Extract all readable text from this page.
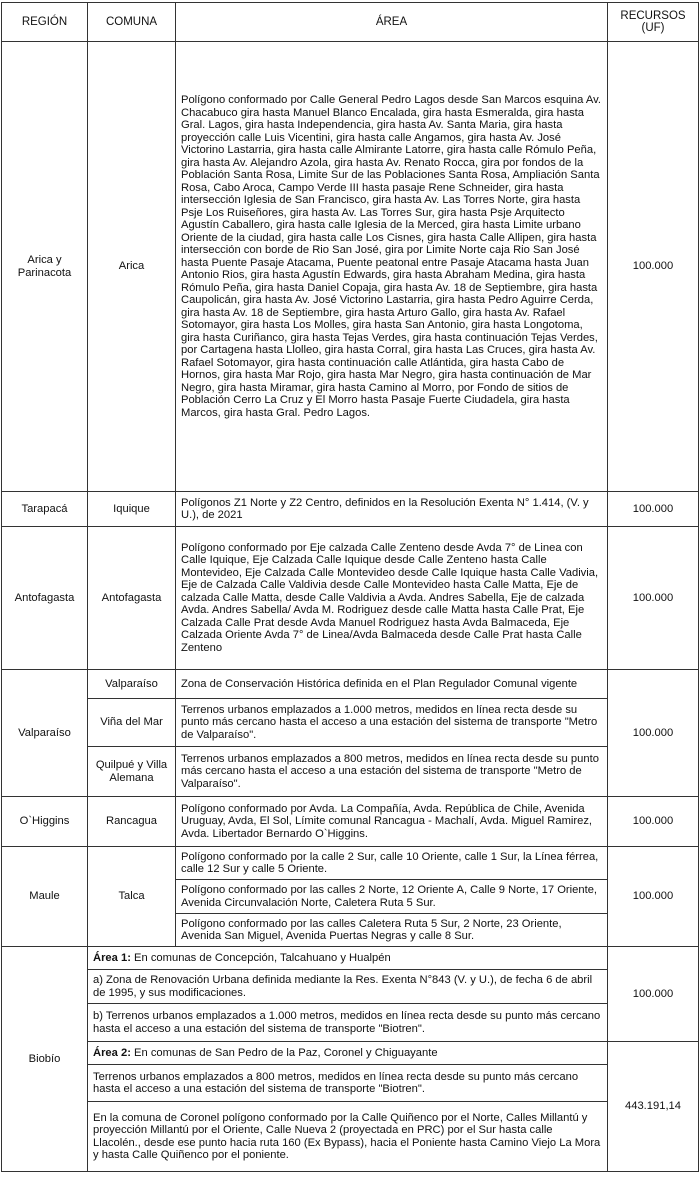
REGIÓN	COMUNA	ÁREA	RECURSOS (UF)
Arica y Parinacota	Arica	Polígono conformado por Calle General Pedro Lagos desde San Marcos esquina Av. Chacabuco gira hasta Manuel Blanco Encalada, gira hasta Esmeralda, gira hasta Gral. Lagos, gira hasta Independencia, gira hasta Av. Santa Maria, gira hasta proyección calle Luis Vicentini, gira hasta calle Angamos, gira hasta Av. José Victorino Lastarria, gira hasta calle Almirante Latorre, gira hasta calle Rómulo Peña, gira hasta Av. Alejandro Azola, gira hasta Av. Renato Rocca, gira por fondos de la Población Santa Rosa, Limite Sur de las Poblaciones Santa Rosa, Ampliación Santa Rosa, Cabo Aroca, Campo Verde III hasta pasaje Rene Schneider, gira hasta intersección Iglesia de San Francisco, gira hasta Av. Las Torres Norte, gira hasta Psje Los Ruiseñores, gira hasta Av. Las Torres Sur, gira hasta Psje Arquitecto Agustín Caballero, gira hasta calle Iglesia de la Merced, gira hasta Limite urbano Oriente de la ciudad, gira hasta calle Los Cisnes, gira hasta Calle Allipen, gira hasta intersección con borde de Rio San José, gira por Limite Norte caja Rio San José hasta Puente Pasaje Atacama, Puente peatonal entre Pasaje Atacama hasta Juan Antonio Rios, gira hasta Agustín Edwards, gira hasta Abraham Medina, gira hasta Rómulo Peña, gira hasta Daniel Copaja, gira hasta Av. 18 de Septiembre, gira hasta Caupolicán, gira hasta Av. José Victorino Lastarria, gira hasta Pedro Aguirre Cerda, gira hasta Av. 18 de Septiembre, gira hasta Arturo Gallo, gira hasta Av. Rafael Sotomayor, gira hasta Los Molles, gira hasta San Antonio, gira hasta Longotoma, gira hasta Curiñanco, gira hasta Tejas Verdes, gira hasta continuación Tejas Verdes, por Cartagena hasta Llolleo, gira hasta Corral, gira hasta Las Cruces, gira hasta Av. Rafael Sotomayor, gira hasta continuación calle Atlántida, gira hasta Cabo de Hornos, gira hasta Mar Rojo, gira hasta Mar Negro, gira hasta continuación de Mar Negro, gira hasta Miramar, gira hasta Camino al Morro, por Fondo de sitios de Población Cerro La Cruz y El Morro hasta Pasaje Fuerte Ciudadela, gira hasta Marcos, gira hasta Gral. Pedro Lagos.	100.000
Tarapacá	Iquique	Polígonos Z1 Norte y Z2 Centro, definidos en la Resolución Exenta N° 1.414, (V. y U.), de 2021	100.000
Antofagasta	Antofagasta	Polígono conformado por Eje calzada Calle Zenteno desde Avda 7° de Linea con Calle Iquique, Eje Calzada Calle Iquique desde Calle Zenteno hasta Calle Montevideo, Eje Calzada Calle Montevideo desde Calle Iquique hasta Calle Vadivia, Eje de Calzada Calle Valdivia desde Calle Montevideo hasta Calle Matta, Eje de calzada Calle Matta, desde Calle Valdivia a Avda. Andres Sabella, Eje de calzada Avda. Andres Sabella/ Avda M. Rodriguez desde calle Matta hasta Calle Prat, Eje Calzada Calle Prat desde Avda Manuel Rodriguez hasta Avda Balmaceda, Eje Calzada Oriente Avda 7° de Linea/Avda Balmaceda desde Calle Prat hasta Calle Zenteno	100.000
Valparaíso	Valparaíso	Zona de Conservación Histórica definida en el Plan Regulador Comunal vigente	100.000
	Viña del Mar	Terrenos urbanos emplazados a 1.000 metros, medidos en línea recta desde su punto más cercano hasta el acceso a una estación del sistema de transporte "Metro de Valparaíso".	
	Quilpué y Villa Alemana	Terrenos urbanos emplazados a 800 metros, medidos en línea recta desde su punto más cercano hasta el acceso a una estación del sistema de transporte "Metro de Valparaíso".	
O`Higgins	Rancagua	Polígono conformado por Avda. La Compañía, Avda. República de Chile, Avenida Uruguay, Avda, El Sol, Límite comunal Rancagua - Machalí, Avda. Miguel Ramirez, Avda. Libertador Bernardo O`Higgins.	100.000
Maule	Talca	Polígono conformado por la calle 2 Sur, calle 10 Oriente, calle 1 Sur, la Línea férrea, calle 12 Sur y calle 5 Oriente.	100.000
		Polígono conformado por las calles 2 Norte, 12 Oriente A, Calle 9 Norte, 17 Oriente, Avenida Circunvalación Norte, Caletera Ruta 5 Sur.	
		Polígono conformado por las calles Caletera Ruta 5 Sur, 2 Norte, 23 Oriente, Avenida San Miguel, Avenida Puertas Negras y calle 8 Sur.	
Biobío	Área 1: En comunas de Concepción, Talcahuano y Hualpén		100.000
	a) Zona de Renovación Urbana definida mediante la Res. Exenta N°843 (V. y U.), de fecha 6 de abril de 1995, y sus modificaciones.		
	b) Terrenos urbanos emplazados a 1.000 metros, medidos en línea recta desde su punto más cercano hasta el acceso a una estación del sistema de transporte "Biotren".		
	Área 2: En comunas de San Pedro de la Paz, Coronel y Chiguayante		443.191,14
	Terrenos urbanos emplazados a 800 metros, medidos en línea recta desde su punto más cercano hasta el acceso a una estación del sistema de transporte "Biotren".		
	En la comuna de Coronel polígono conformado por la Calle Quiñenco por el Norte, Calles Millantú y proyección Millantú por el Oriente, Calle Nueva 2 (proyectada en PRC) por el Sur hasta calle Llacolén., desde ese punto hacia ruta 160 (Ex Bypass), hacia el Poniente hasta Camino Viejo La Mora y hasta Calle Quiñenco por el poniente.		
